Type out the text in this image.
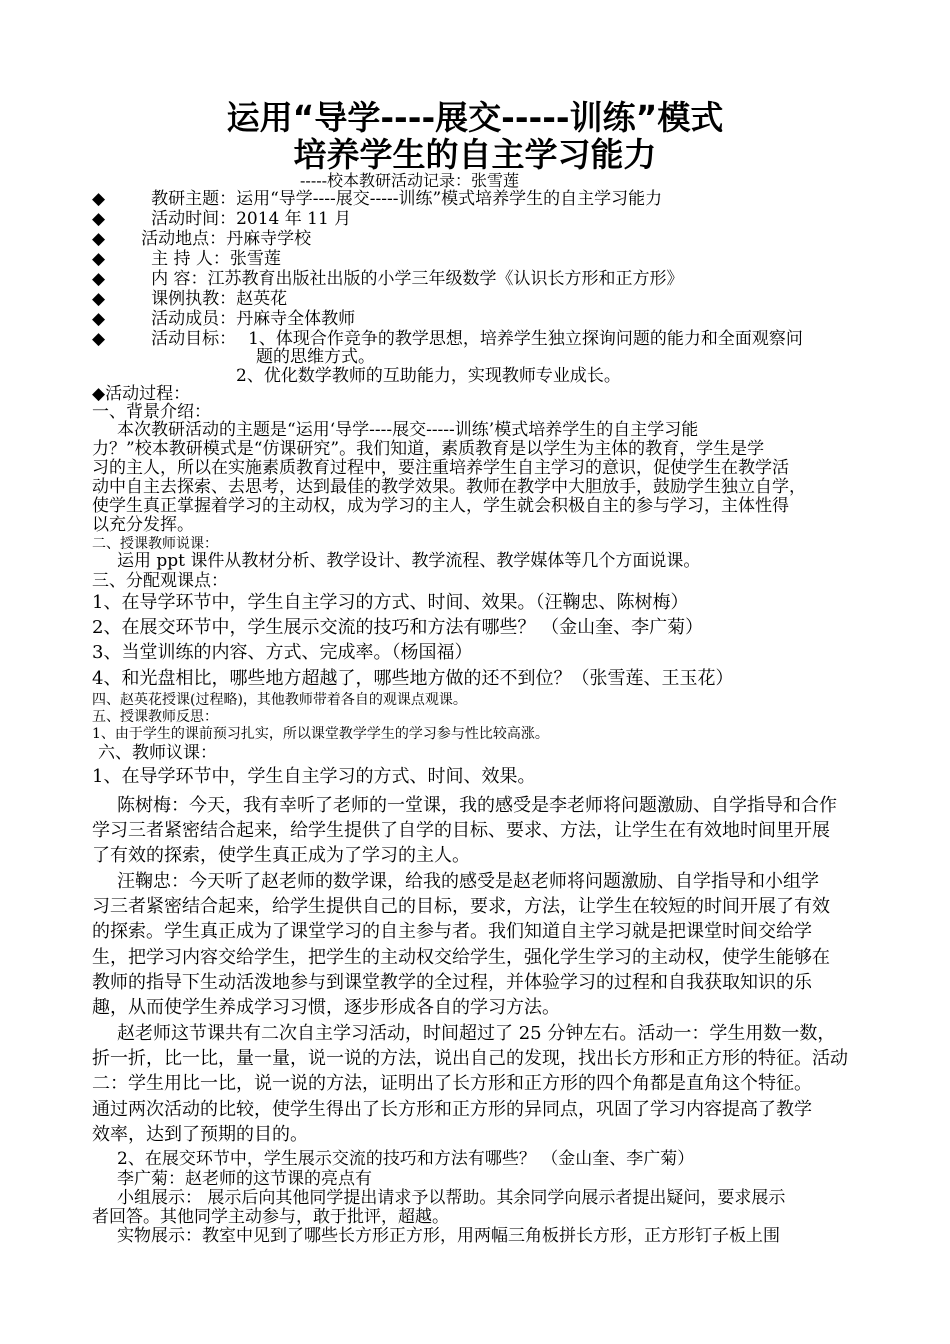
运用“导学----展交-----训练”模式
培养学生的自主学习能力
-----校本教研活动记录：张雪莲
◆	教研主题：运用“导学----展交-----训练”模式培养学生的自主学习能力
◆	活动时间：2014 年 11 月
◆ 活动地点：丹麻寺学校
◆	主 持 人：张雪莲
◆	内 容：江苏教育出版社出版的小学三年级数学《认识长方形和正方形》
◆	课例执教：赵英花
◆	活动成员：丹麻寺全体教师
◆	活动目标： 1、体现合作竞争的教学思想，培养学生独立探询问题的能力和全面观察问
题的思维方式。
2、优化数学教师的互助能力，实现教师专业成长。
◆活动过程：
一、背景介绍：
本次教研活动的主题是“运用‘导学----展交-----训练’模式培养学生的自主学习能
力？”校本教研模式是“仿课研究”。我们知道，素质教育是以学生为主体的教育，学生是学
习的主人，所以在实施素质教育过程中，要注重培养学生自主学习的意识，促使学生在教学活
动中自主去探索、去思考，达到最佳的教学效果。教师在教学中大胆放手，鼓励学生独立自学，
使学生真正掌握着学习的主动权，成为学习的主人，学生就会积极自主的参与学习，主体性得
以充分发挥。
二、授课教师说课：
运用 ppt 课件从教材分析、教学设计、教学流程、教学媒体等几个方面说课。
三、分配观课点：
1、在导学环节中，学生自主学习的方式、时间、效果。（汪鞠忠、陈树梅）
2、在展交环节中，学生展示交流的技巧和方法有哪些？ （金山奎、李广菊）
3、当堂训练的内容、方式、完成率。（杨国福）
4、和光盘相比，哪些地方超越了，哪些地方做的还不到位？（张雪莲、王玉花）
四、赵英花授课(过程略)，其他教师带着各自的观课点观课。
五、授课教师反思：
1、由于学生的课前预习扎实，所以课堂教学学生的学习参与性比较高涨。
六、教师议课：
1、在导学环节中，学生自主学习的方式、时间、效果。
陈树梅：今天，我有幸听了老师的一堂课，我的感受是李老师将问题激励、自学指导和合作
学习三者紧密结合起来，给学生提供了自学的目标、要求、方法，让学生在有效地时间里开展
了有效的探索，使学生真正成为了学习的主人。
汪鞠忠：今天听了赵老师的数学课，给我的感受是赵老师将问题激励、自学指导和小组学
习三者紧密结合起来，给学生提供自己的目标，要求，方法，让学生在较短的时间开展了有效
的探索。学生真正成为了课堂学习的自主参与者。我们知道自主学习就是把课堂时间交给学
生，把学习内容交给学生，把学生的主动权交给学生，强化学生学习的主动权，使学生能够在
教师的指导下生动活泼地参与到课堂教学的全过程，并体验学习的过程和自我获取知识的乐
趣，从而使学生养成学习习惯，逐步形成各自的学习方法。
赵老师这节课共有二次自主学习活动，时间超过了 25 分钟左右。活动一：学生用数一数，
折一折，比一比，量一量，说一说的方法，说出自己的发现，找出长方形和正方形的特征。活动
二：学生用比一比，说一说的方法，证明出了长方形和正方形的四个角都是直角这个特征。
通过两次活动的比较，使学生得出了长方形和正方形的异同点，巩固了学习内容提高了教学
效率，达到了预期的目的。
2、在展交环节中，学生展示交流的技巧和方法有哪些？ （金山奎、李广菊）
李广菊：赵老师的这节课的亮点有
小组展示： 展示后向其他同学提出请求予以帮助。其余同学向展示者提出疑问，要求展示
者回答。其他同学主动参与，敢于批评，超越。
实物展示：教室中见到了哪些长方形正方形，用两幅三角板拼长方形，正方形钉子板上围
